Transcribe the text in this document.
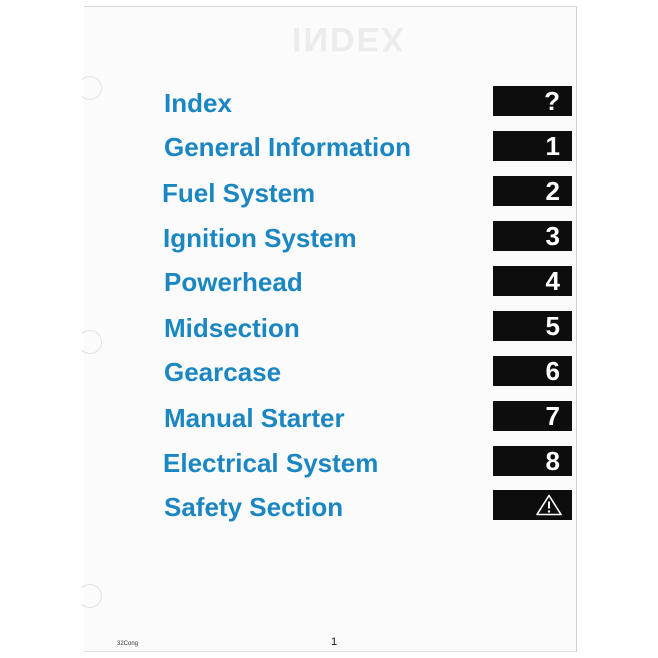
INDEX
Index	?
General Information	1
Fuel System	2
Ignition System	3
Powerhead	4
Midsection	5
Gearcase	6
Manual Starter	7
Electrical System	8
Safety Section
32Cong	1
